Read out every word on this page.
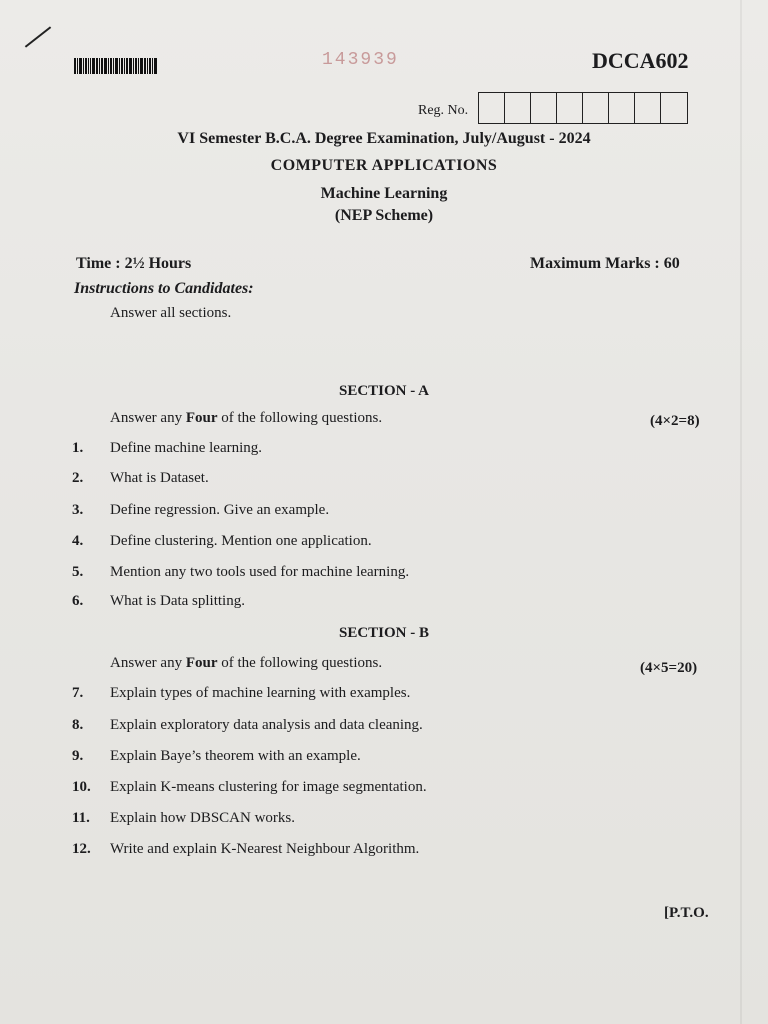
143939	DCCA602
Reg. No.
VI Semester B.C.A. Degree Examination, July/August - 2024
COMPUTER APPLICATIONS
Machine Learning
(NEP Scheme)
Time : 2½ Hours	Maximum Marks : 60
Instructions to Candidates:
Answer all sections.
SECTION - A
Answer any Four of the following questions.	(4×2=8)
1.	Define machine learning.
2.	What is Dataset.
3.	Define regression. Give an example.
4.	Define clustering. Mention one application.
5.	Mention any two tools used for machine learning.
6.	What is Data splitting.
SECTION - B
Answer any Four of the following questions.	(4×5=20)
7.	Explain types of machine learning with examples.
8.	Explain exploratory data analysis and data cleaning.
9.	Explain Baye’s theorem with an example.
10.	Explain K-means clustering for image segmentation.
11.	Explain how DBSCAN works.
12.	Write and explain K-Nearest Neighbour Algorithm.
[P.T.O.
